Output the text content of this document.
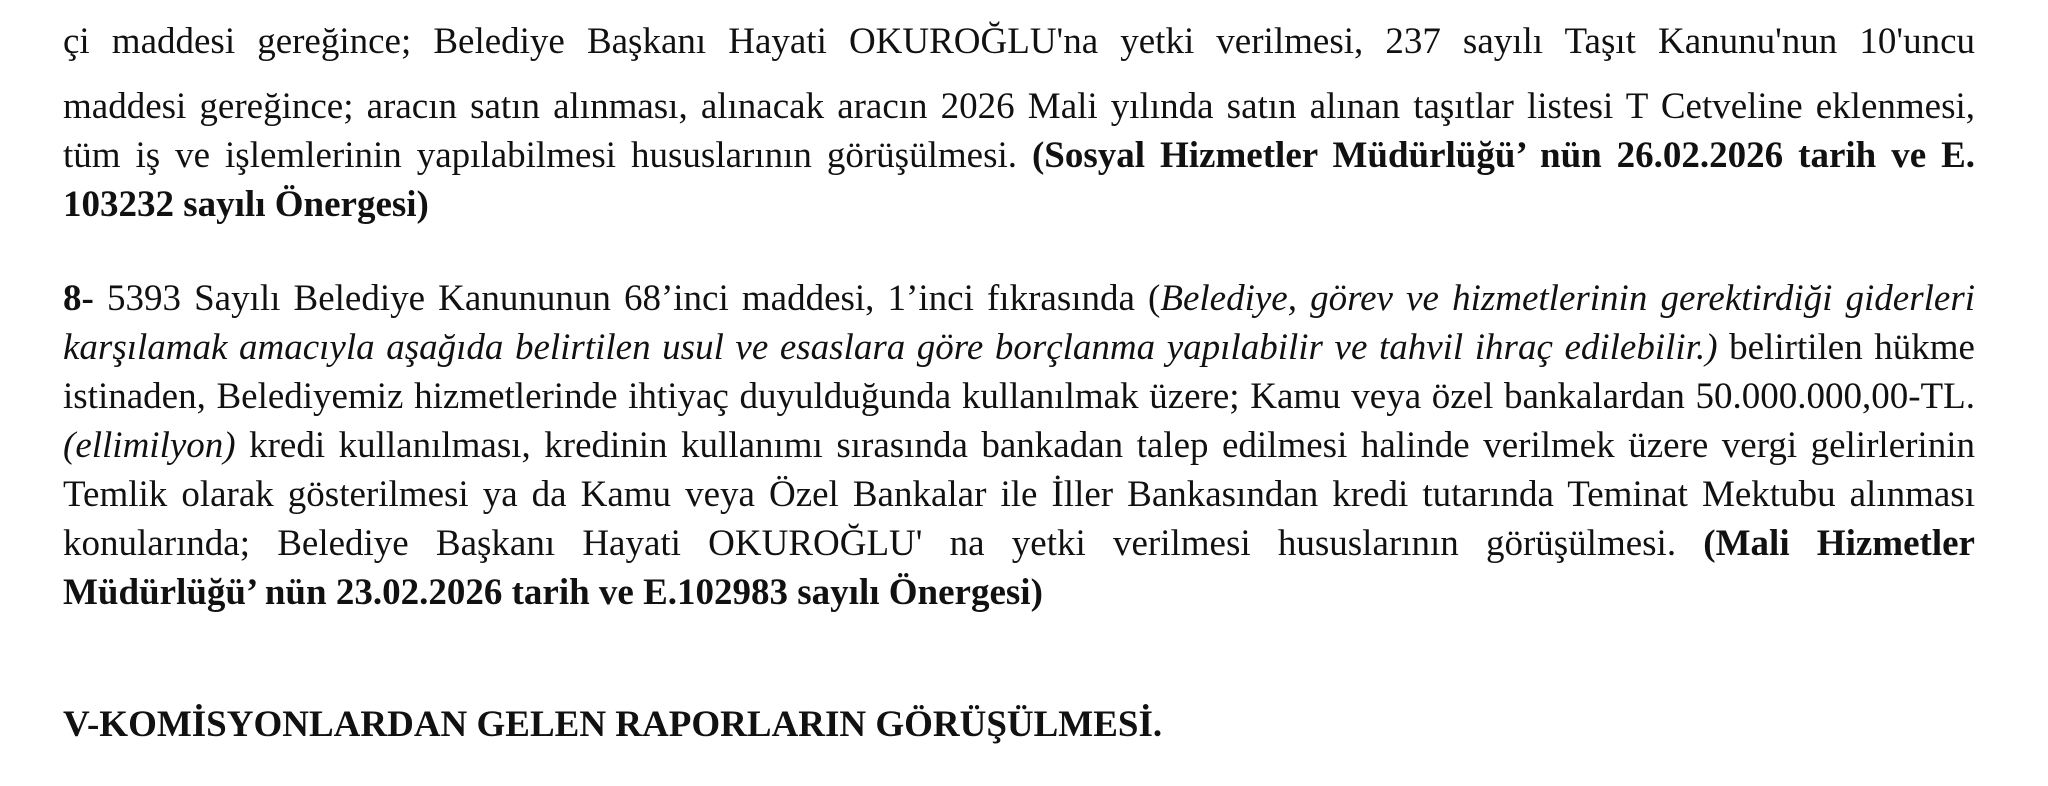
çi maddesi gereğince; Belediye Başkanı Hayati OKUROĞLU'na yetki verilmesi, 237 sayılı Taşıt Kanunu'nun 10'uncu

maddesi gereğince; aracın satın alınması, alınacak aracın 2026 Mali yılında satın alınan taşıtlar listesi T Cetveline eklenmesi, tüm iş ve işlemlerinin yapılabilmesi hususlarının görüşülmesi. (Sosyal Hizmetler Müdürlüğü’ nün 26.02.2026 tarih ve E. 103232 sayılı Önergesi)

8- 5393 Sayılı Belediye Kanununun 68’inci maddesi, 1’inci fıkrasında (Belediye, görev ve hizmetlerinin gerektirdiği giderleri karşılamak amacıyla aşağıda belirtilen usul ve esaslara göre borçlanma yapılabilir ve tahvil ihraç edilebilir.) belirtilen hükme istinaden, Belediyemiz hizmetlerinde ihtiyaç duyulduğunda kullanılmak üzere; Kamu veya özel bankalardan 50.000.000,00-TL. (ellimilyon) kredi kullanılması, kredinin kullanımı sırasında bankadan talep edilmesi halinde verilmek üzere vergi gelirlerinin Temlik olarak gösterilmesi ya da Kamu veya Özel Bankalar ile İller Bankasından kredi tutarında Teminat Mektubu alınması konularında; Belediye Başkanı Hayati OKUROĞLU' na yetki verilmesi hususlarının görüşülmesi. (Mali Hizmetler Müdürlüğü’ nün 23.02.2026 tarih ve E.102983 sayılı Önergesi)

V-KOMİSYONLARDAN GELEN RAPORLARIN GÖRÜŞÜLMESİ.
